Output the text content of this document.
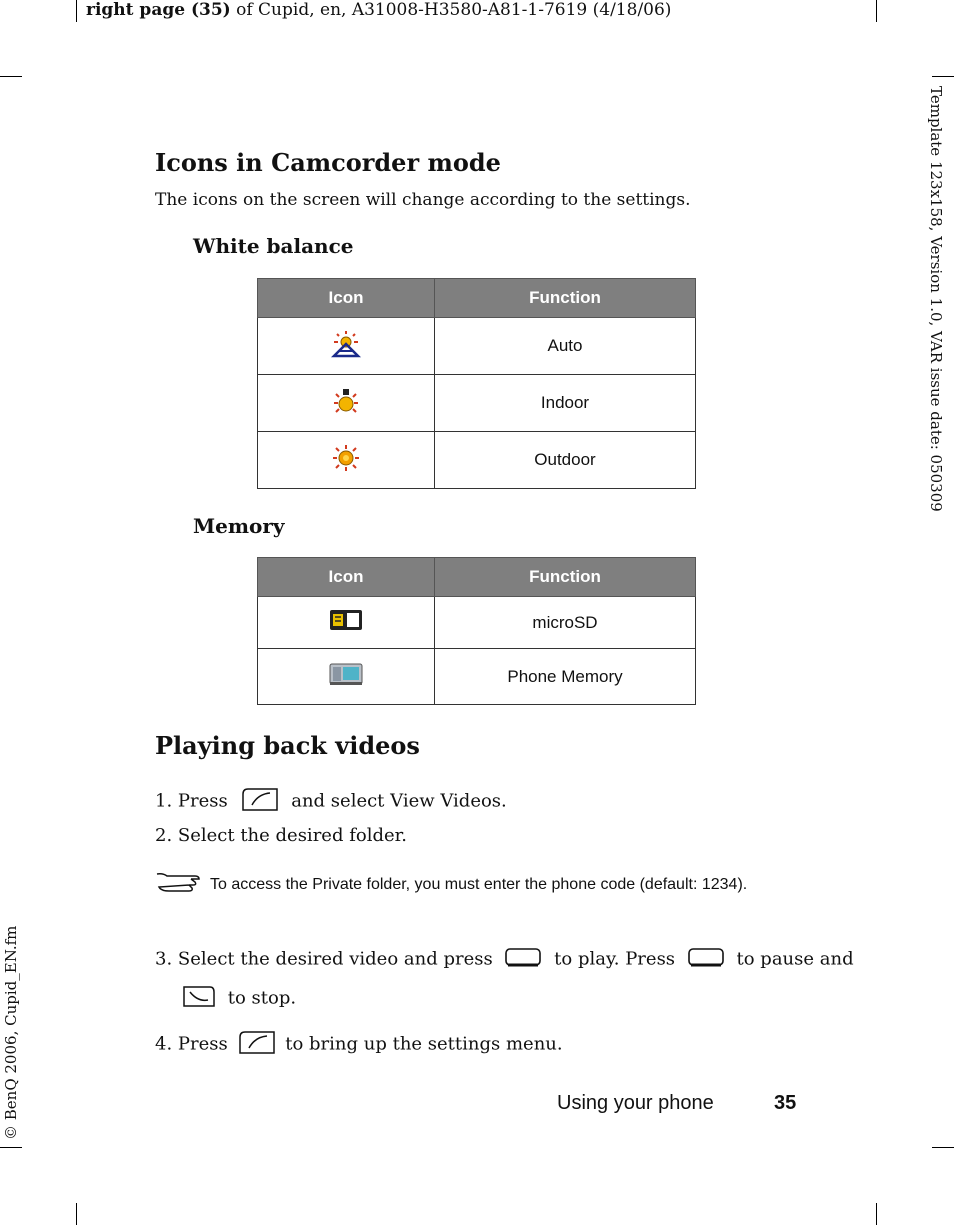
right page (35) of Cupid, en, A31008-H3580-A81-1-7619 (4/18/06)
Template 123x158, Version 1.0, VAR issue date: 050309
© BenQ 2006, Cupid_EN.fm
Icons in Camcorder mode
The icons on the screen will change according to the settings.
White balance
Icon	Function
	Auto
	Indoor
	Outdoor
Memory
Icon	Function
	microSD
	Phone Memory
Playing back videos
1. Press	and select View Videos.
2. Select the desired folder.
To access the Private folder, you must enter the phone code (default: 1234).
3. Select the desired video and press	to play. Press	to pause and
to stop.
4. Press	to bring up the settings menu.
Using your phone	35
